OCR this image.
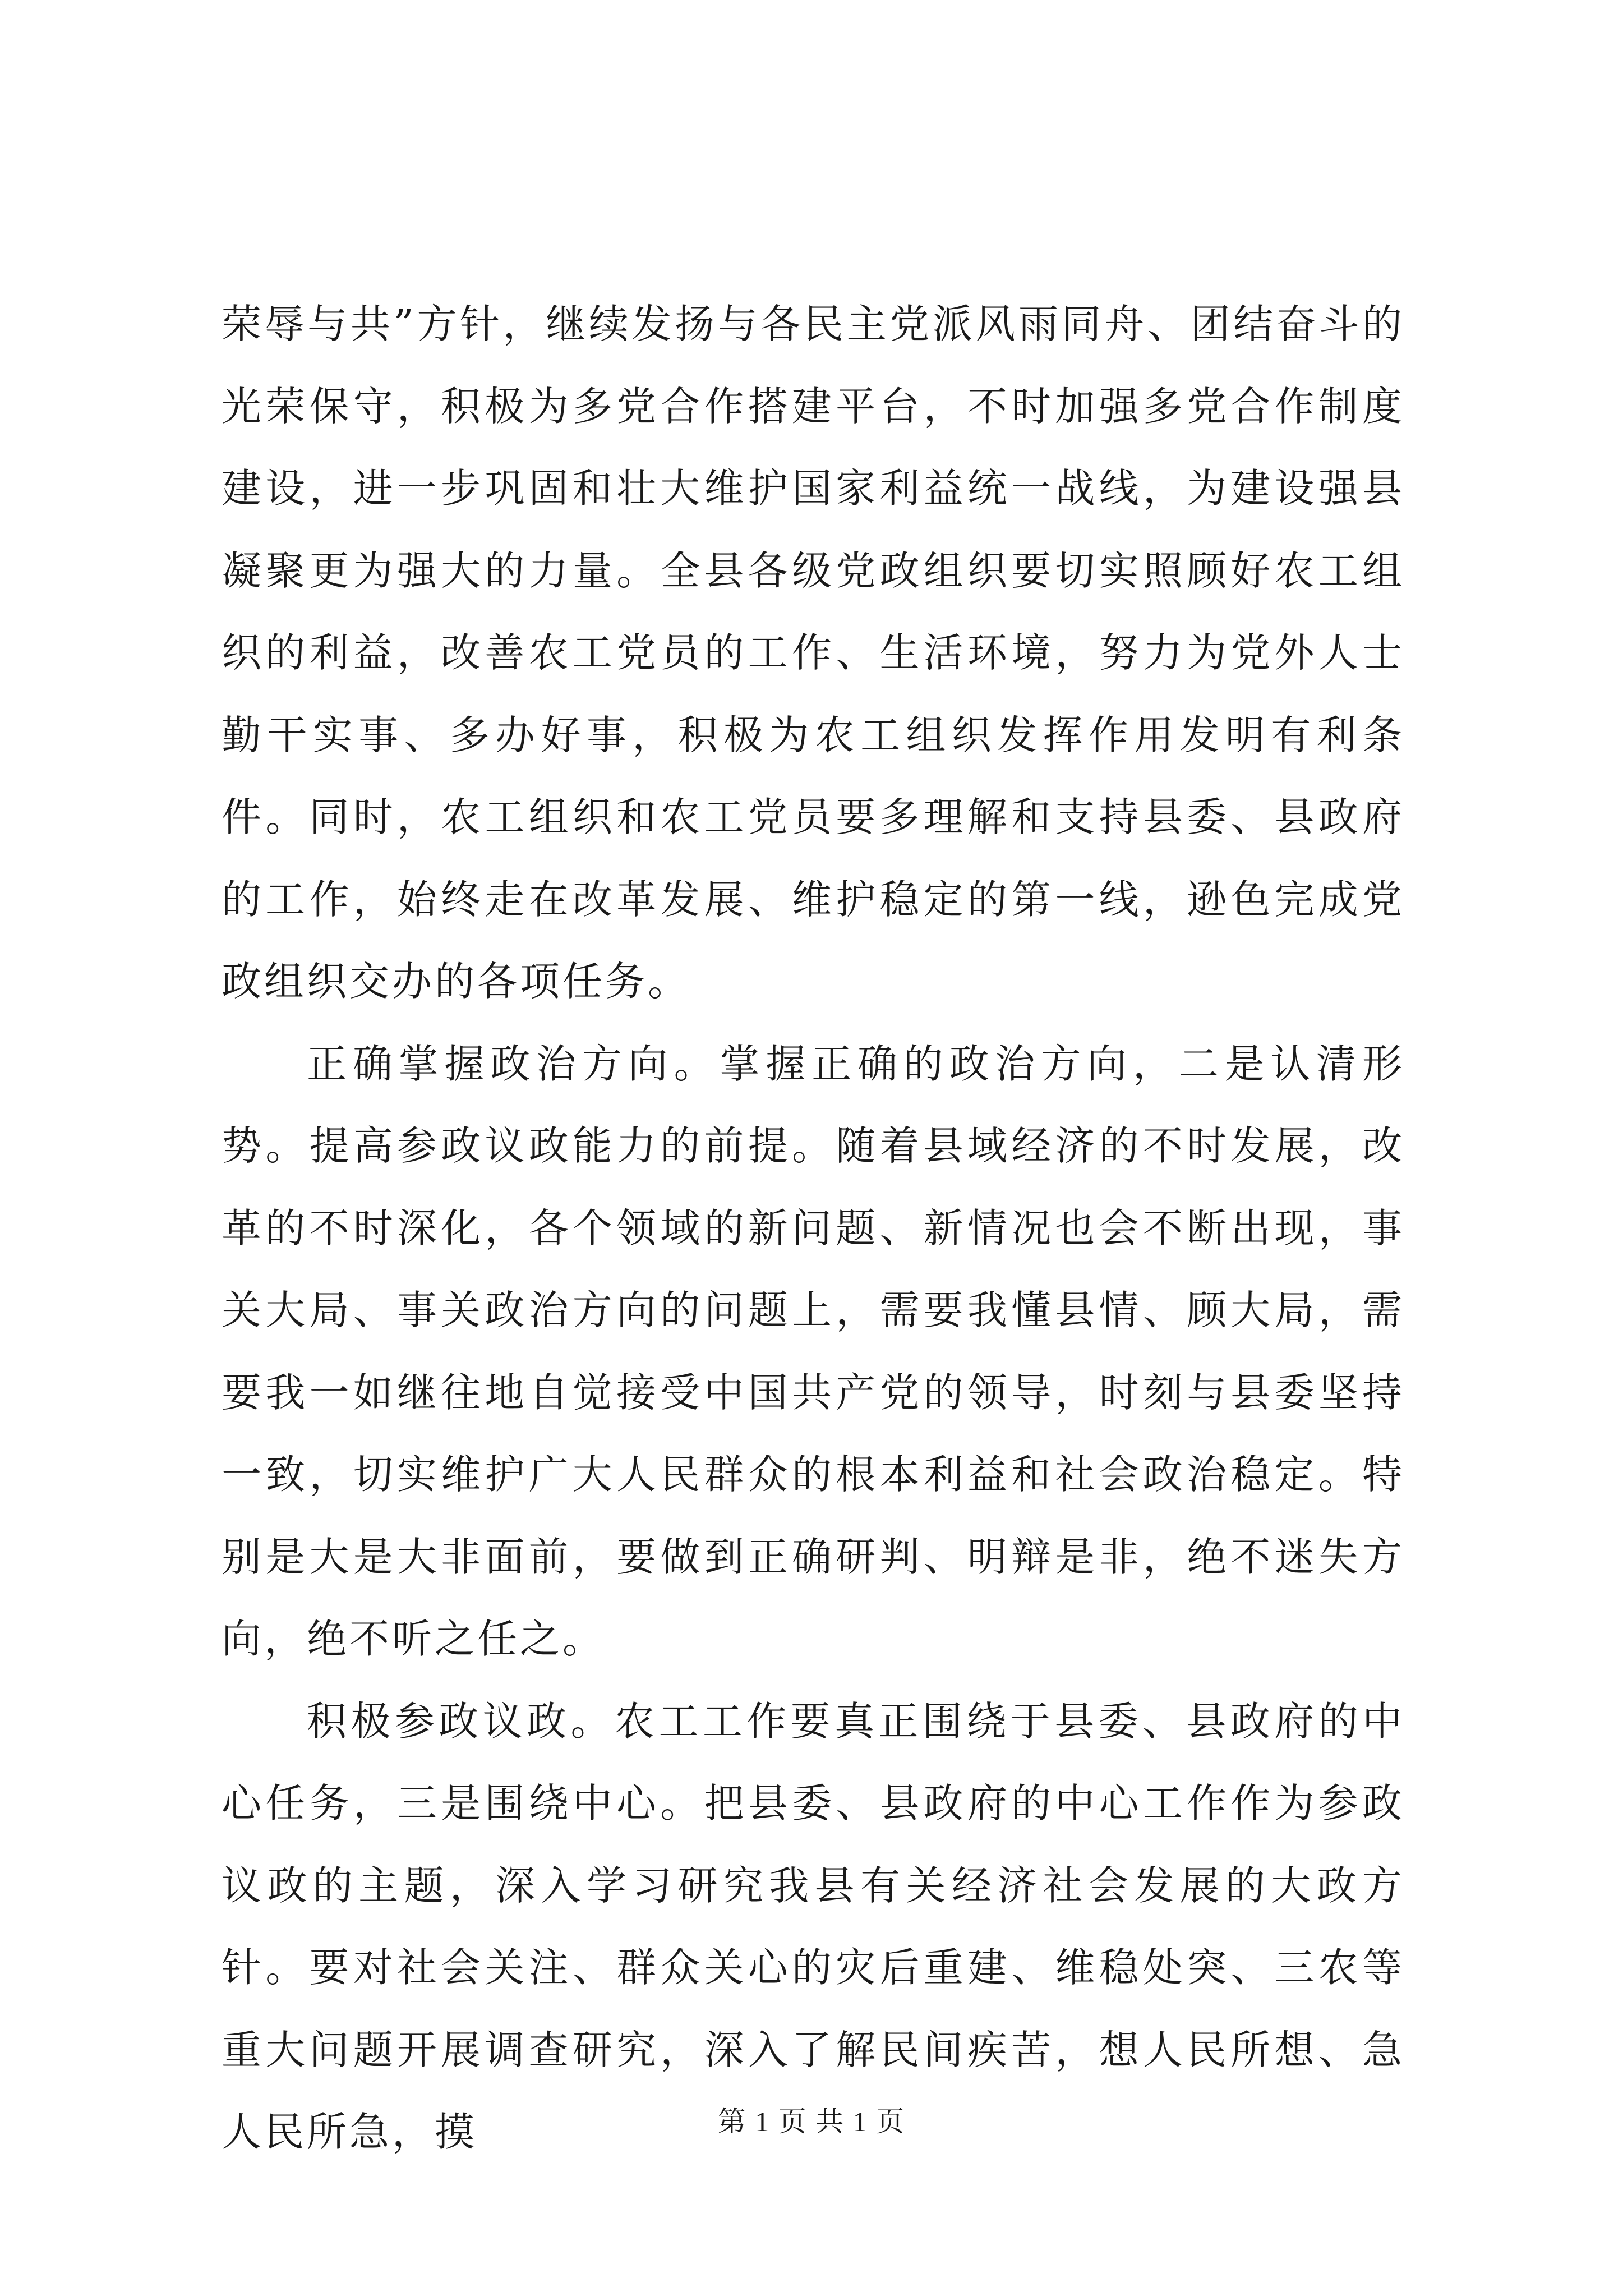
荣辱与共”方针，继续发扬与各民主党派风雨同舟、团结奋斗的光荣保守，积极为多党合作搭建平台，不时加强多党合作制度建设，进一步巩固和壮大维护国家利益统一战线，为建设强县凝聚更为强大的力量。全县各级党政组织要切实照顾好农工组织的利益，改善农工党员的工作、生活环境，努力为党外人士勤干实事、多办好事，积极为农工组织发挥作用发明有利条件。同时，农工组织和农工党员要多理解和支持县委、县政府的工作，始终走在改革发展、维护稳定的第一线，逊色完成党政组织交办的各项任务。

正确掌握政治方向。掌握正确的政治方向，二是认清形势。提高参政议政能力的前提。随着县域经济的不时发展，改革的不时深化，各个领域的新问题、新情况也会不断出现，事关大局、事关政治方向的问题上，需要我懂县情、顾大局，需要我一如继往地自觉接受中国共产党的领导，时刻与县委坚持一致，切实维护广大人民群众的根本利益和社会政治稳定。特别是大是大非面前，要做到正确研判、明辩是非，绝不迷失方向，绝不听之任之。

积极参政议政。农工工作要真正围绕于县委、县政府的中心任务，三是围绕中心。把县委、县政府的中心工作作为参政议政的主题，深入学习研究我县有关经济社会发展的大政方针。要对社会关注、群众关心的灾后重建、维稳处突、三农等重大问题开展调查研究，深入了解民间疾苦，想人民所想、急人民所急，摸	第 1 页 共 1 页
